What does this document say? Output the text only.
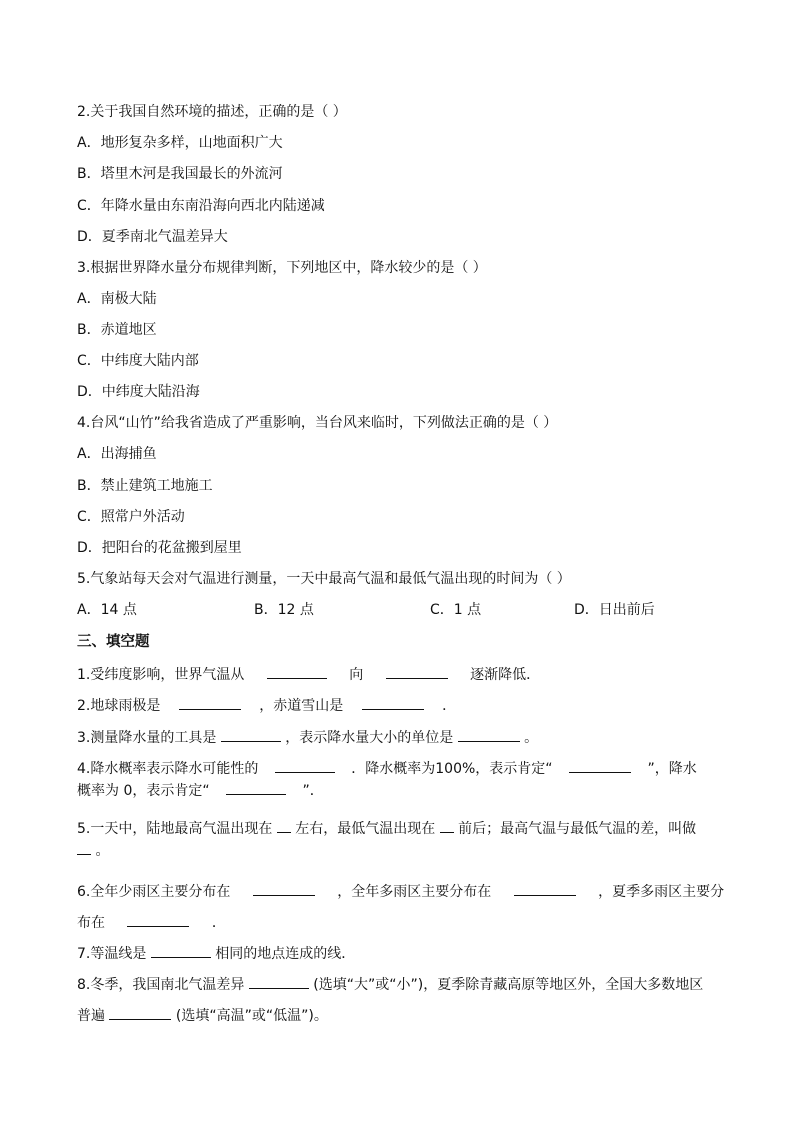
2.关于我国自然环境的描述，正确的是（ ）
A．地形复杂多样，山地面积广大
B．塔里木河是我国最长的外流河
C．年降水量由东南沿海向西北内陆递减
D．夏季南北气温差异大
3.根据世界降水量分布规律判断，下列地区中，降水较少的是（ ）
A．南极大陆
B．赤道地区
C．中纬度大陆内部
D．中纬度大陆沿海
4.台风“山竹”给我省造成了严重影响，当台风来临时，下列做法正确的是（ ）
A．出海捕鱼
B．禁止建筑工地施工
C．照常户外活动
D．把阳台的花盆搬到屋里
5.气象站每天会对气温进行测量，一天中最高气温和最低气温出现的时间为（ ）
A．14 点	B．12 点	C．1 点	D．日出前后
三、填空题
1.受纬度影响，世界气温从	向	逐渐降低．
2.地球雨极是	，赤道雪山是	．
3.测量降水量的工具是	，表示降水量大小的单位是	。
4.降水概率表示降水可能性的	．降水概率为100%，表示肯定“	”，降水
概率为 0，表示肯定“	”．
5.一天中，陆地最高气温出现在 左右，最低气温出现在 前后；最高气温与最低气温的差，叫做
。
6.全年少雨区主要分布在	，全年多雨区主要分布在	，夏季多雨区主要分
布在	．
7.等温线是	相同的地点连成的线．
8.冬季，我国南北气温差异	(选填“大”或“小”)，夏季除青藏高原等地区外，全国大多数地区
普遍	(选填“高温”或“低温”)。
